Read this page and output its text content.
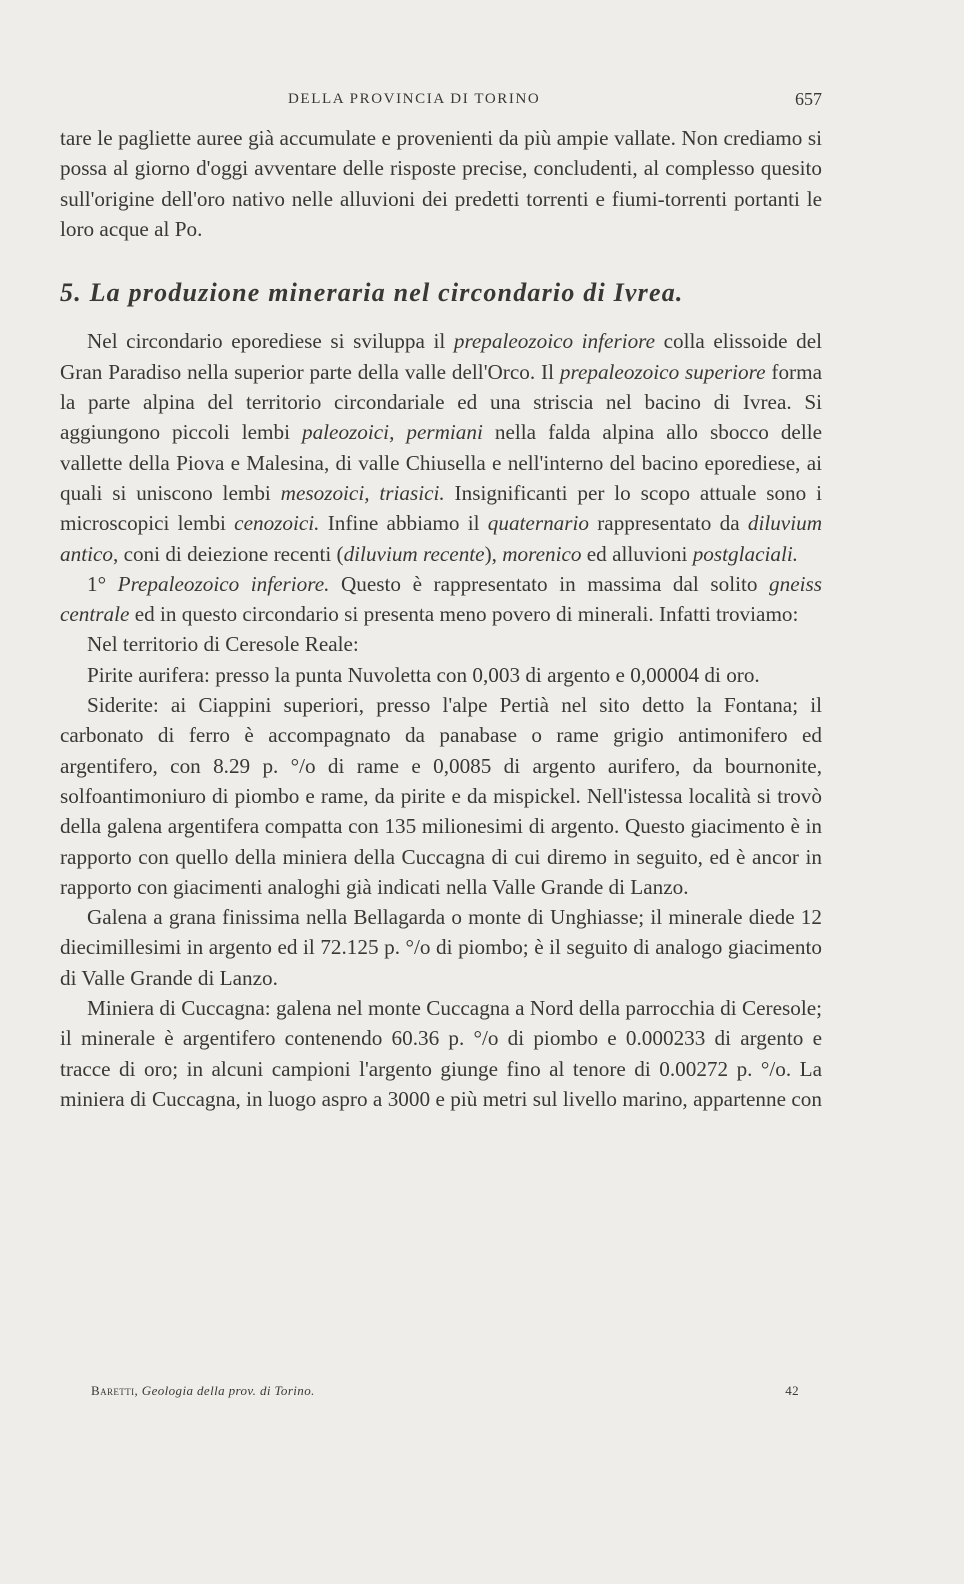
DELLA PROVINCIA DI TORINO	657

tare le pagliette auree già accumulate e provenienti da più ampie vallate. Non crediamo si possa al giorno d'oggi avventare delle risposte precise, concludenti, al complesso quesito sull'origine dell'oro nativo nelle alluvioni dei predetti torrenti e fiumi-torrenti portanti le loro acque al Po.

5. La produzione mineraria nel circondario di Ivrea.

Nel circondario eporediese si sviluppa il prepaleozoico inferiore colla elissoide del Gran Paradiso nella superior parte della valle dell'Orco. Il prepaleozoico superiore forma la parte alpina del territorio circondariale ed una striscia nel bacino di Ivrea. Si aggiungono piccoli lembi paleozoici, permiani nella falda alpina allo sbocco delle vallette della Piova e Malesina, di valle Chiusella e nell'interno del bacino eporediese, ai quali si uniscono lembi mesozoici, triasici. Insignificanti per lo scopo attuale sono i microscopici lembi cenozoici. Infine abbiamo il quaternario rappresentato da diluvium antico, coni di deiezione recenti (diluvium recente), morenico ed alluvioni postglaciali.

1° Prepaleozoico inferiore. Questo è rappresentato in massima dal solito gneiss centrale ed in questo circondario si presenta meno povero di minerali. Infatti troviamo:

Nel territorio di Ceresole Reale:

Pirite aurifera: presso la punta Nuvoletta con 0,003 di argento e 0,00004 di oro.

Siderite: ai Ciappini superiori, presso l'alpe Pertià nel sito detto la Fontana; il carbonato di ferro è accompagnato da panabase o rame grigio antimonifero ed argentifero, con 8.29 p. °/o di rame e 0,0085 di argento aurifero, da bournonite, solfoantimoniuro di piombo e rame, da pirite e da mispickel. Nell'istessa località si trovò della galena argentifera compatta con 135 milionesimi di argento. Questo giacimento è in rapporto con quello della miniera della Cuccagna di cui diremo in seguito, ed è ancor in rapporto con giacimenti analoghi già indicati nella Valle Grande di Lanzo.

Galena a grana finissima nella Bellagarda o monte di Unghiasse; il minerale diede 12 diecimillesimi in argento ed il 72.125 p. °/o di piombo; è il seguito di analogo giacimento di Valle Grande di Lanzo.

Miniera di Cuccagna: galena nel monte Cuccagna a Nord della parrocchia di Ceresole; il minerale è argentifero contenendo 60.36 p. °/o di piombo e 0.000233 di argento e tracce di oro; in alcuni campioni l'argento giunge fino al tenore di 0.00272 p. °/o. La miniera di Cuccagna, in luogo aspro a 3000 e più metri sul livello marino, appartenne con

Baretti, Geologia della prov. di Torino.	42
